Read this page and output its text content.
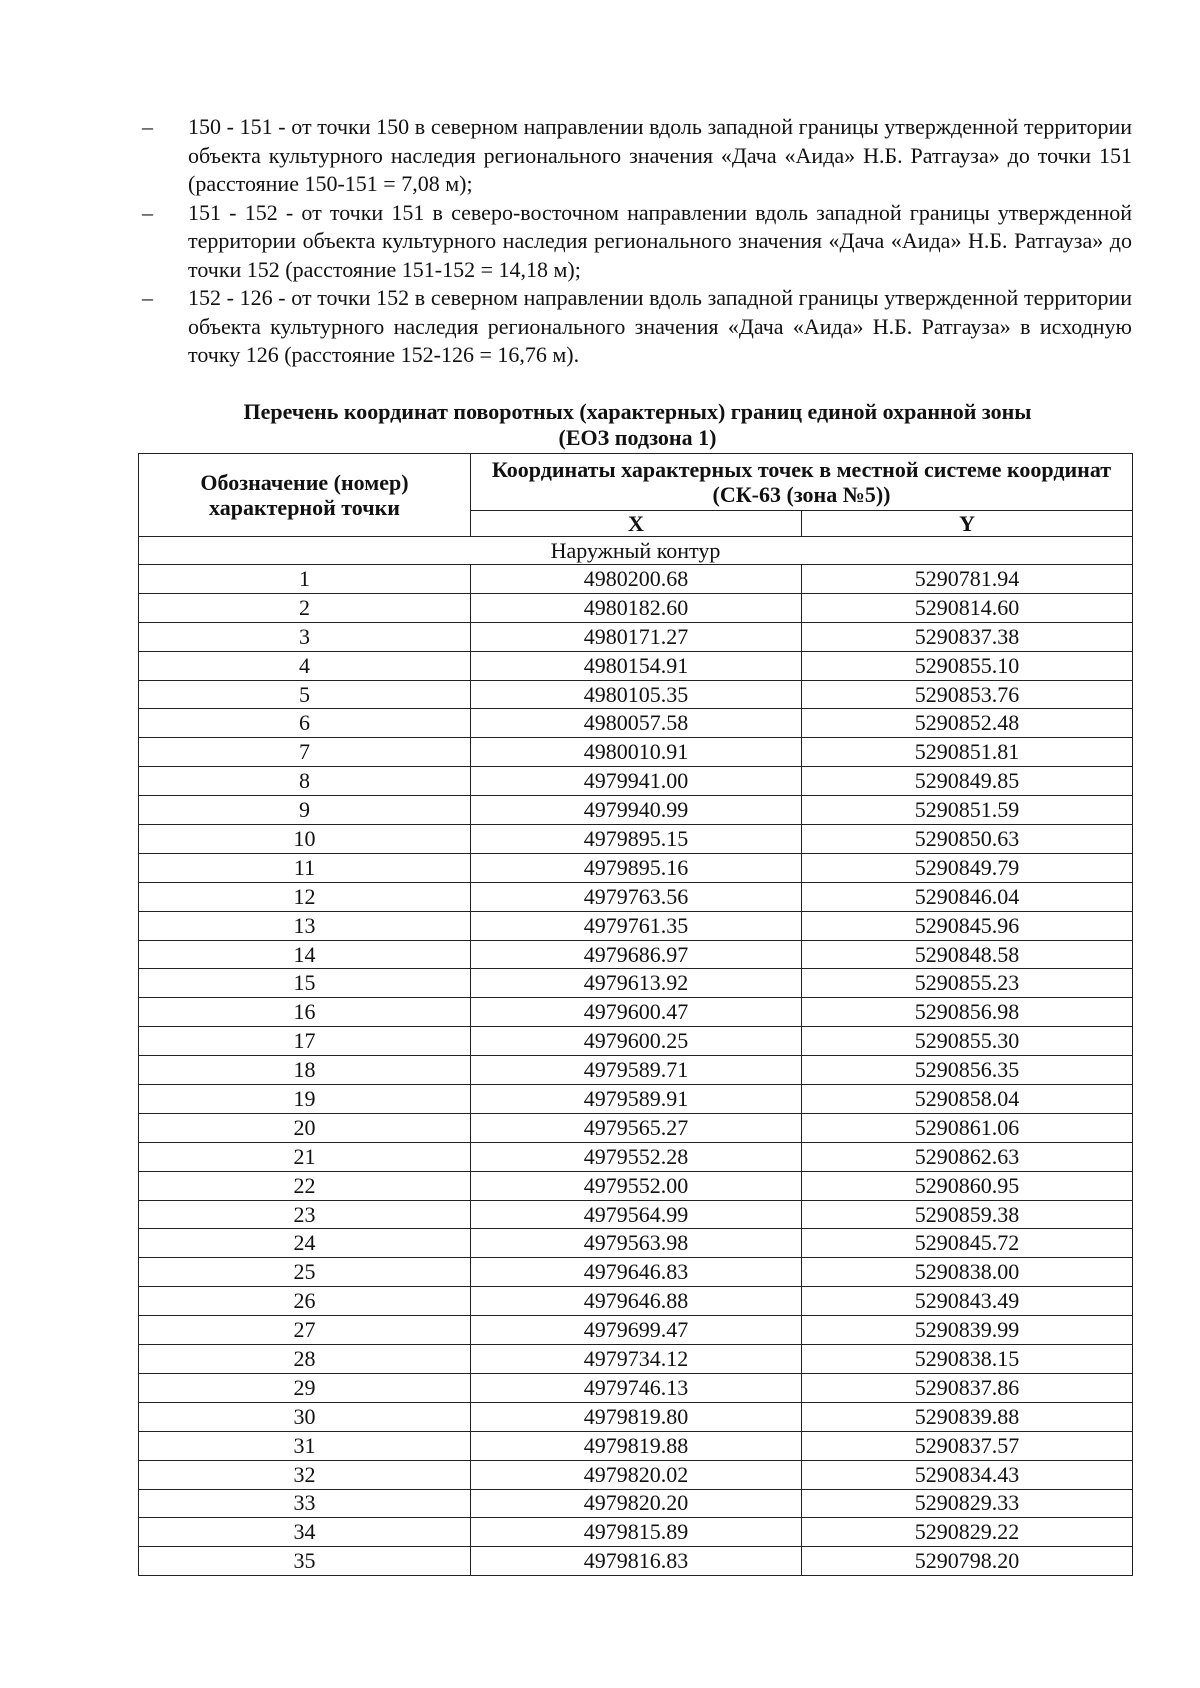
– 150 - 151 - от точки 150 в северном направлении вдоль западной границы утвержденной территории объекта культурного наследия регионального значения «Дача «Аида» Н.Б. Ратгауза» до точки 151 (расстояние 150-151 = 7,08 м);
– 151 - 152 - от точки 151 в северо-восточном направлении вдоль западной границы утвержденной территории объекта культурного наследия регионального значения «Дача «Аида» Н.Б. Ратгауза» до точки 152 (расстояние 151-152 = 14,18 м);
– 152 - 126 - от точки 152 в северном направлении вдоль западной границы утвержденной территории объекта культурного наследия регионального значения «Дача «Аида» Н.Б. Ратгауза» в исходную точку 126 (расстояние 152-126 = 16,76 м).
Перечень координат поворотных (характерных) границ единой охранной зоны
(ЕОЗ подзона 1)
Обозначение (номер) характерной точки	Координаты характерных точек в местной системе координат (СК-63 (зона №5))	
	X	Y
Наружный контур		
1	4980200.68	5290781.94
2	4980182.60	5290814.60
3	4980171.27	5290837.38
4	4980154.91	5290855.10
5	4980105.35	5290853.76
6	4980057.58	5290852.48
7	4980010.91	5290851.81
8	4979941.00	5290849.85
9	4979940.99	5290851.59
10	4979895.15	5290850.63
11	4979895.16	5290849.79
12	4979763.56	5290846.04
13	4979761.35	5290845.96
14	4979686.97	5290848.58
15	4979613.92	5290855.23
16	4979600.47	5290856.98
17	4979600.25	5290855.30
18	4979589.71	5290856.35
19	4979589.91	5290858.04
20	4979565.27	5290861.06
21	4979552.28	5290862.63
22	4979552.00	5290860.95
23	4979564.99	5290859.38
24	4979563.98	5290845.72
25	4979646.83	5290838.00
26	4979646.88	5290843.49
27	4979699.47	5290839.99
28	4979734.12	5290838.15
29	4979746.13	5290837.86
30	4979819.80	5290839.88
31	4979819.88	5290837.57
32	4979820.02	5290834.43
33	4979820.20	5290829.33
34	4979815.89	5290829.22
35	4979816.83	5290798.20
